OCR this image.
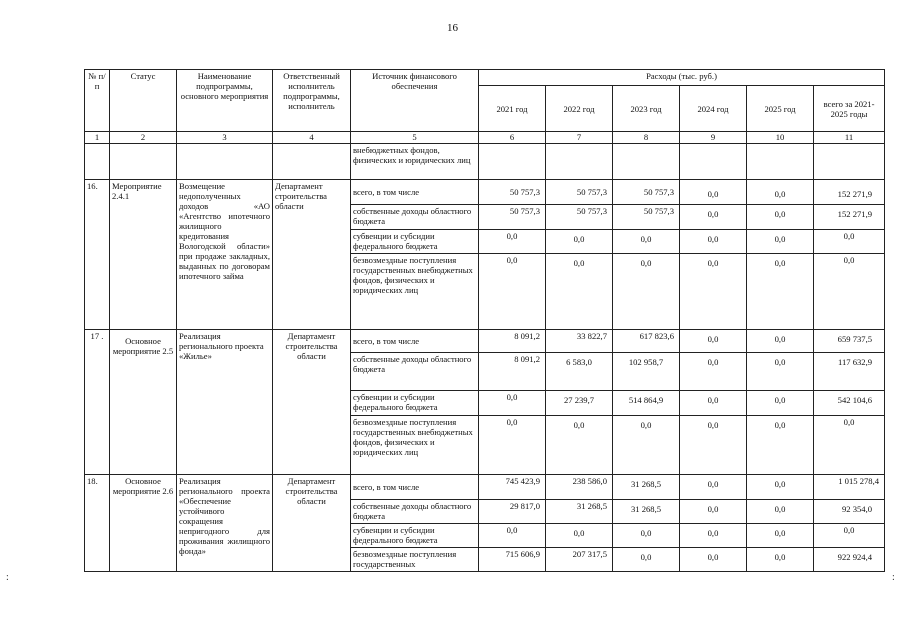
16
:	:
№ п/п	Статус	Наименование подпрограммы, основного мероприятия	Ответственный исполнитель подпрограммы, исполнитель	Источник финансового обеспечения	Расходы (тыс. руб.)					
					2021 год	2022 год	2023 год	2024 год	2025 год	всего за 2021-2025 годы
1	2	3	4	5	6	7	8	9	10	11
				внебюджетных фондов, физических и юридических лиц						
16.	Мероприятие 2.4.1	Возмещение недополученных доходов «АО «Агентство ипотечного жилищного кредитования Вологодской области» при продаже закладных, выданных по договорам ипотечного займа	Департамент строительства области	всего, в том числе	50 757,3	50 757,3	50 757,3	0,0	0,0	152 271,9
				собственные доходы областного бюджета	50 757,3	50 757,3	50 757,3	0,0	0,0	152 271,9
				субвенции и субсидии федерального бюджета	0,0	0,0	0,0	0,0	0,0	0,0
				безвозмездные поступления государственных внебюджетных фондов, физических и юридических лиц	0,0	0,0	0,0	0,0	0,0	0,0
17 .	Основное мероприятие 2.5	Реализация регионального проекта «Жилье»	Департамент строительства области	всего, в том числе	8 091,2	33 822,7	617 823,6	0,0	0,0	659 737,5
				собственные доходы областного бюджета	8 091,2	6 583,0	102 958,7	0,0	0,0	117 632,9
				субвенции и субсидии федерального бюджета	0,0	27 239,7	514 864,9	0,0	0,0	542 104,6
				безвозмездные поступления государственных внебюджетных фондов, физических и юридических лиц	0,0	0,0	0,0	0,0	0,0	0,0
18.	Основное мероприятие 2.6	Реализация регионального проекта «Обеспечение устойчивого сокращения непригодного для проживания жилищного фонда»	Департамент строительства области	всего, в том числе	745 423,9	238 586,0	31 268,5	0,0	0,0	1 015 278,4
				собственные доходы областного бюджета	29 817,0	31 268,5	31 268,5	0,0	0,0	92 354,0
				субвенции и субсидии федерального бюджета	0,0	0,0	0,0	0,0	0,0	0,0
				безвозмездные поступления государственных	715 606,9	207 317,5	0,0	0,0	0,0	922 924,4
